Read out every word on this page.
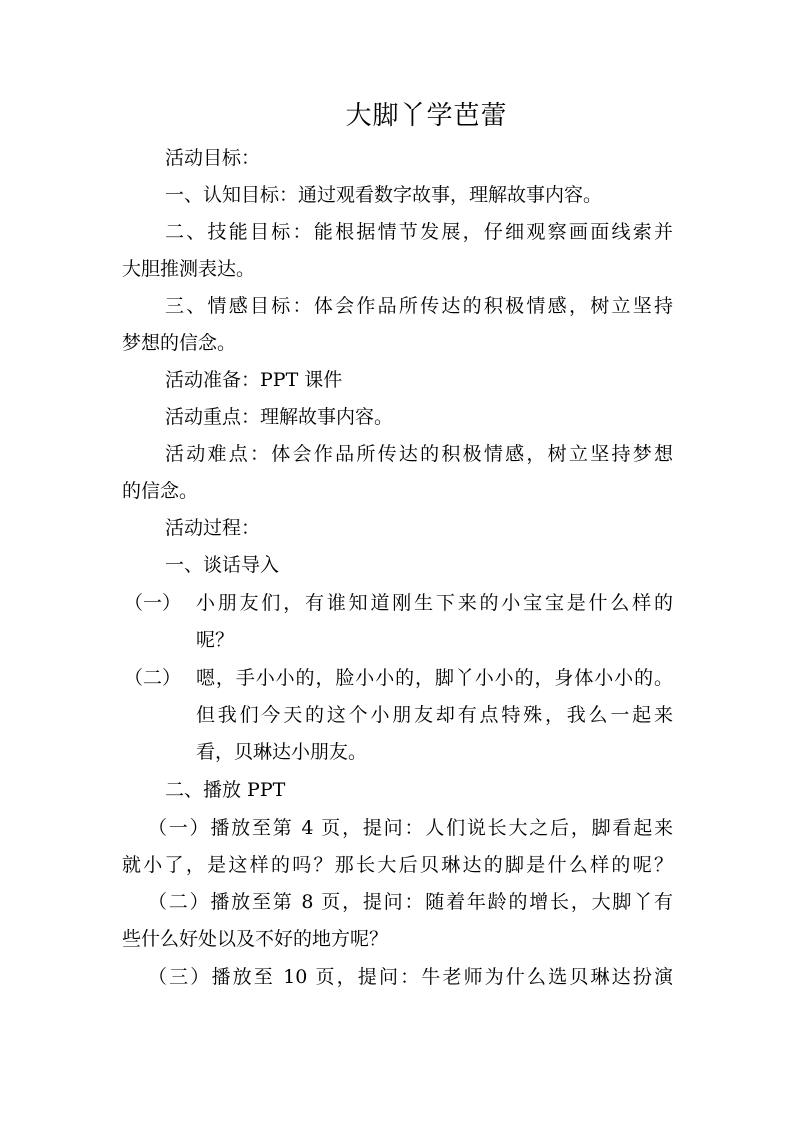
大脚丫学芭蕾
活动目标：
一、认知目标：通过观看数字故事，理解故事内容。
二、技能目标：能根据情节发展，仔细观察画面线索并
大胆推测表达。
三、情感目标：体会作品所传达的积极情感，树立坚持
梦想的信念。
活动准备：PPT 课件
活动重点：理解故事内容。
活动难点：体会作品所传达的积极情感，树立坚持梦想
的信念。
活动过程：
一、谈话导入
（一） 小朋友们，有谁知道刚生下来的小宝宝是什么样的
呢？
（二） 嗯，手小小的，脸小小的，脚丫小小的，身体小小的。
但我们今天的这个小朋友却有点特殊，我么一起来
看，贝琳达小朋友。
二、播放 PPT
（一）播放至第 4 页，提问：人们说长大之后，脚看起来
就小了，是这样的吗？那长大后贝琳达的脚是什么样的呢？
（二）播放至第 8 页，提问：随着年龄的增长，大脚丫有
些什么好处以及不好的地方呢？
（三）播放至 10 页，提问：牛老师为什么选贝琳达扮演
